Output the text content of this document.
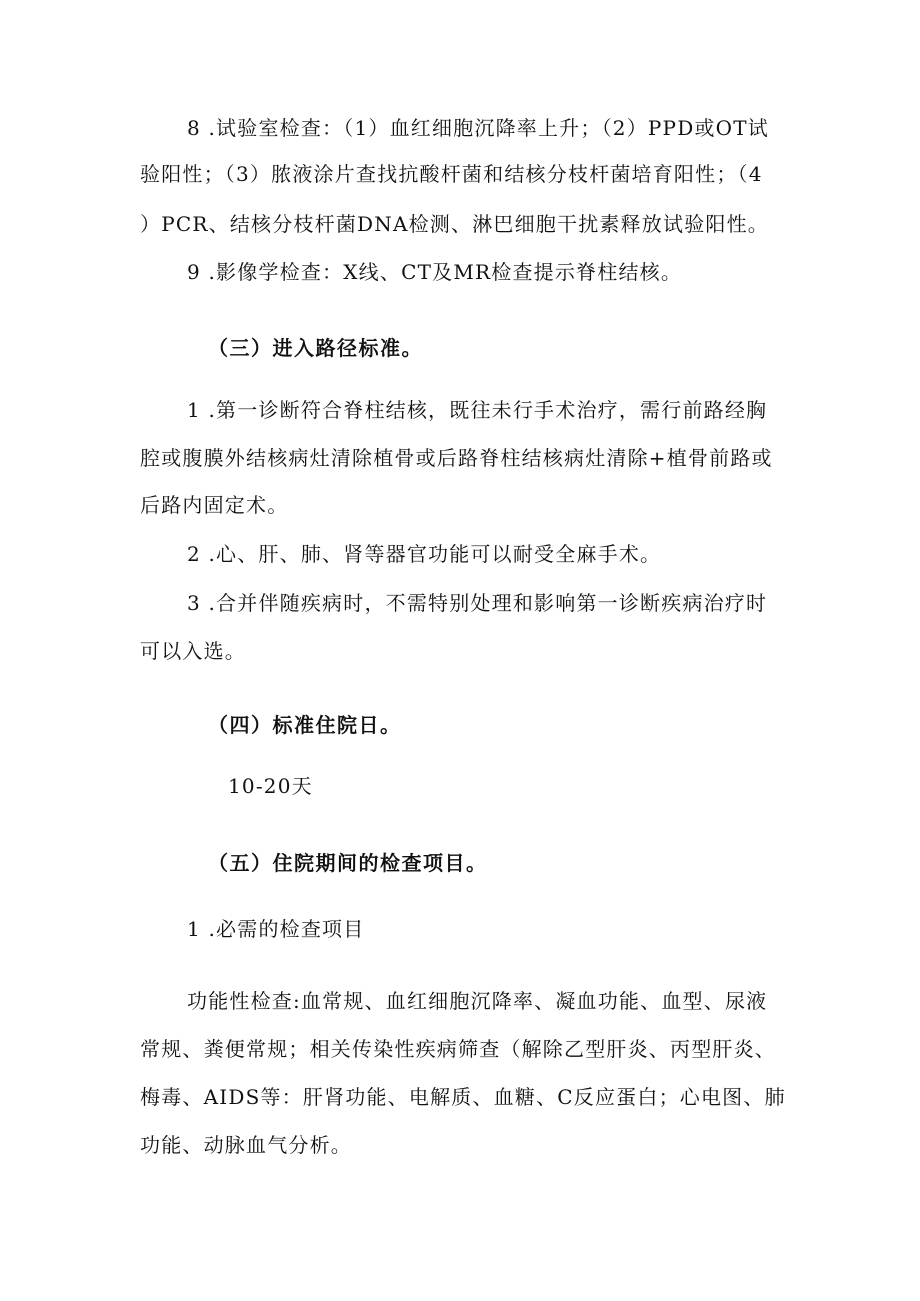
8 .试验室检查：（1）血红细胞沉降率上升；（2）PPD或OT试
验阳性；（3）脓液涂片查找抗酸杆菌和结核分枝杆菌培育阳性；（4
）PCR、结核分枝杆菌DNA检测、淋巴细胞干扰素释放试验阳性。
9 .影像学检查：X线、CT及MR检查提示脊柱结核。
（三）进入路径标准。
1 .第一诊断符合脊柱结核，既往未行手术治疗，需行前路经胸
腔或腹膜外结核病灶清除植骨或后路脊柱结核病灶清除+植骨前路或
后路内固定术。
2 .心、肝、肺、肾等器官功能可以耐受全麻手术。
3 .合并伴随疾病时，不需特别处理和影响第一诊断疾病治疗时
可以入选。
（四）标准住院日。
10-20天
（五）住院期间的检查项目。
1 .必需的检查项目
功能性检查:血常规、血红细胞沉降率、凝血功能、血型、尿液
常规、粪便常规；相关传染性疾病筛查（解除乙型肝炎、丙型肝炎、
梅毒、AIDS等：肝肾功能、电解质、血糖、C反应蛋白；心电图、肺
功能、动脉血气分析。
